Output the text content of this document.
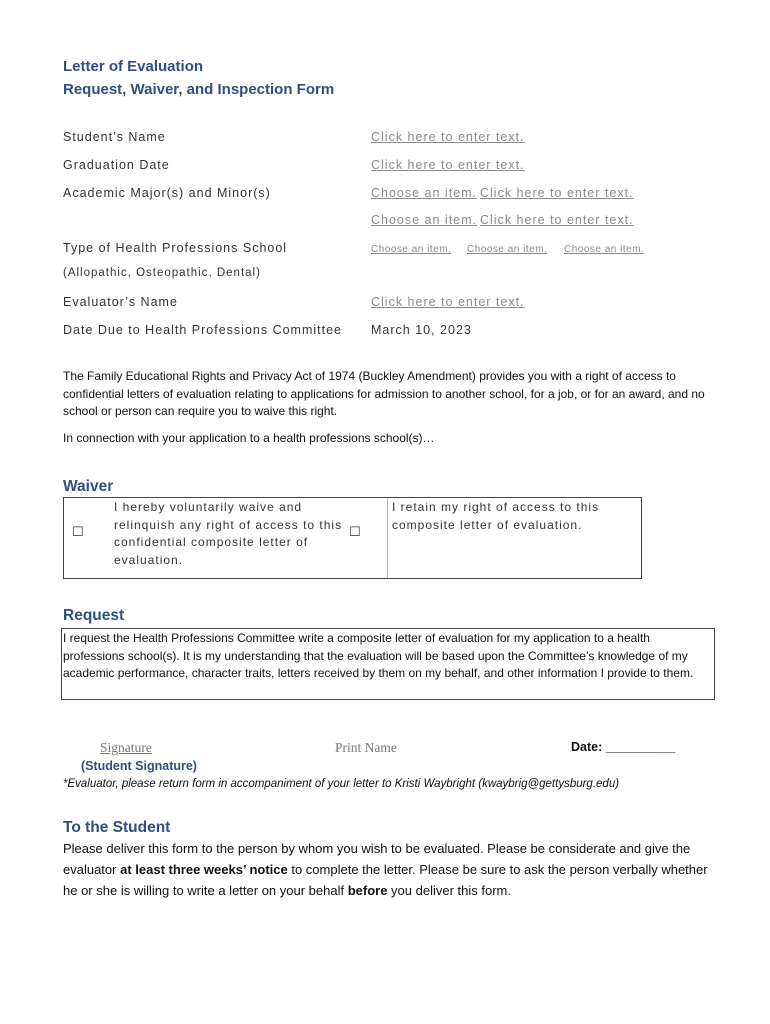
Letter of Evaluation
Request, Waiver, and Inspection Form
Student’s Name	Click here to enter text.
Graduation Date	Click here to enter text.
Academic Major(s) and Minor(s)	Choose an item. Click here to enter text.
Choose an item. Click here to enter text.
Type of Health Professions School	Choose an item. Choose an item. Choose an item.
(Allopathic, Osteopathic, Dental)
Evaluator’s Name	Click here to enter text.
Date Due to Health Professions Committee March 10, 2023
The Family Educational Rights and Privacy Act of 1974 (Buckley Amendment) provides you with a right of access to confidential letters of evaluation relating to applications for admission to another school, for a job, or for an award, and no school or person can require you to waive this right.
In connection with your application to a health professions school(s)…
Waiver
☐
I hereby voluntarily waive and relinquish any right of access to this confidential composite letter of evaluation.
☐
I retain my right of access to this composite letter of evaluation.
Request
I request the Health Professions Committee write a composite letter of evaluation for my application to a health professions school(s). It is my understanding that the evaluation will be based upon the Committee’s knowledge of my academic performance, character traits, letters received by them on my behalf, and other information I provide to them.
Signature	Print Name	Date: __________
(Student Signature)
*Evaluator, please return form in accompaniment of your letter to Kristi Waybright (kwaybrig@gettysburg.edu)
To the Student
Please deliver this form to the person by whom you wish to be evaluated. Please be considerate and give the evaluator at least three weeks’ notice to complete the letter. Please be sure to ask the person verbally whether he or she is willing to write a letter on your behalf before you deliver this form.
